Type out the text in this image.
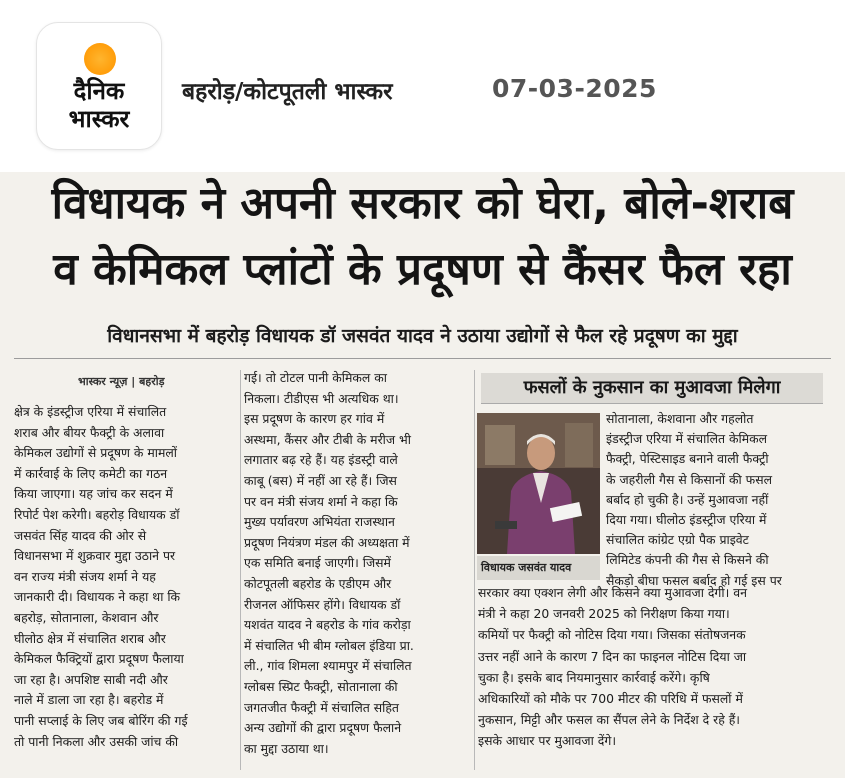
दैनिक
भास्कर
बहरोड़/कोटपूतली भास्कर	07-03-2025
विधायक ने अपनी सरकार को घेरा, बोले-शराब
व केमिकल प्लांटों के प्रदूषण से कैंसर फैल रहा
विधानसभा में बहरोड़ विधायक डॉ जसवंत यादव ने उठाया उद्योगों से फैल रहे प्रदूषण का मुद्दा
भास्कर न्यूज़ | बहरोड़

क्षेत्र के इंडस्ट्रीज एरिया में संचालित

शराब और बीयर फैक्ट्री के अलावा

केमिकल उद्योगों से प्रदूषण के मामलों

में कार्रवाई के लिए कमेटी का गठन

किया जाएगा। यह जांच कर सदन में

रिपोर्ट पेश करेगी। बहरोड़ विधायक डॉ

जसवंत सिंह यादव की ओर से

विधानसभा में शुक्रवार मुद्दा उठाने पर

वन राज्य मंत्री संजय शर्मा ने यह

जानकारी दी। विधायक ने कहा था कि

बहरोड़, सोतानाला, केशवान और

घीलोठ क्षेत्र में संचालित शराब और

केमिकल फैक्ट्रियों द्वारा प्रदूषण फैलाया

जा रहा है। अपशिष्ट साबी नदी और

नाले में डाला जा रहा है। बहरोड में

पानी सप्लाई के लिए जब बोरिंग की गई

तो पानी निकला और उसकी जांच की

गई। तो टोटल पानी केमिकल का

निकला। टीडीएस भी अत्यधिक था।

इस प्रदूषण के कारण हर गांव में

अस्थमा, कैंसर और टीबी के मरीज भी

लगातार बढ़ रहे हैं। यह इंडस्ट्री वाले

काबू (बस) में नहीं आ रहे हैं। जिस

पर वन मंत्री संजय शर्मा ने कहा कि

मुख्य पर्यावरण अभियंता राजस्थान

प्रदूषण नियंत्रण मंडल की अध्यक्षता में

एक समिति बनाई जाएगी। जिसमें

कोटपूतली बहरोड के एडीएम और

रीजनल ऑफिसर होंगे। विधायक डॉ

यशवंत यादव ने बहरोड के गांव करोड़ा

में संचालित भी बीम ग्लोबल इंडिया प्रा.

ली., गांव शिमला श्यामपुर में संचालित

ग्लोबस स्प्रिट फैक्ट्री, सोतानाला की

जगतजीत फैक्ट्री में संचालित सहित

अन्य उद्योगों की द्वारा प्रदूषण फैलाने

का मुद्दा उठाया था।

फसलों के नुकसान का मुआवजा मिलेगा
विधायक जसवंत यादव

सोतानाला, केशवाना और गहलोत

इंडस्ट्रीज एरिया में संचालित केमिकल

फैक्ट्री, पेस्टिसाइड बनाने वाली फैक्ट्री

के जहरीली गैस से किसानों की फसल

बर्बाद हो चुकी है। उन्हें मुआवजा नहीं

दिया गया। घीलोठ इंडस्ट्रीज एरिया में

संचालित कांग्रेट एग्रो पैक प्राइवेट

लिमिटेड कंपनी की गैस से किसने की

सैकड़ो बीघा फसल बर्बाद हो गई इस पर

सरकार क्या एक्शन लेगी और किसने क्या मुआवजा देगी। वन

मंत्री ने कहा 20 जनवरी 2025 को निरीक्षण किया गया।

कमियों पर फैक्ट्री को नोटिस दिया गया। जिसका संतोषजनक

उत्तर नहीं आने के कारण 7 दिन का फाइनल नोटिस दिया जा

चुका है। इसके बाद नियमानुसार कार्रवाई करेंगे। कृषि

अधिकारियों को मौके पर 700 मीटर की परिधि में फसलों में

नुकसान, मिट्टी और फसल का सैंपल लेने के निर्देश दे रहे हैं।

इसके आधार पर मुआवजा देंगे।
